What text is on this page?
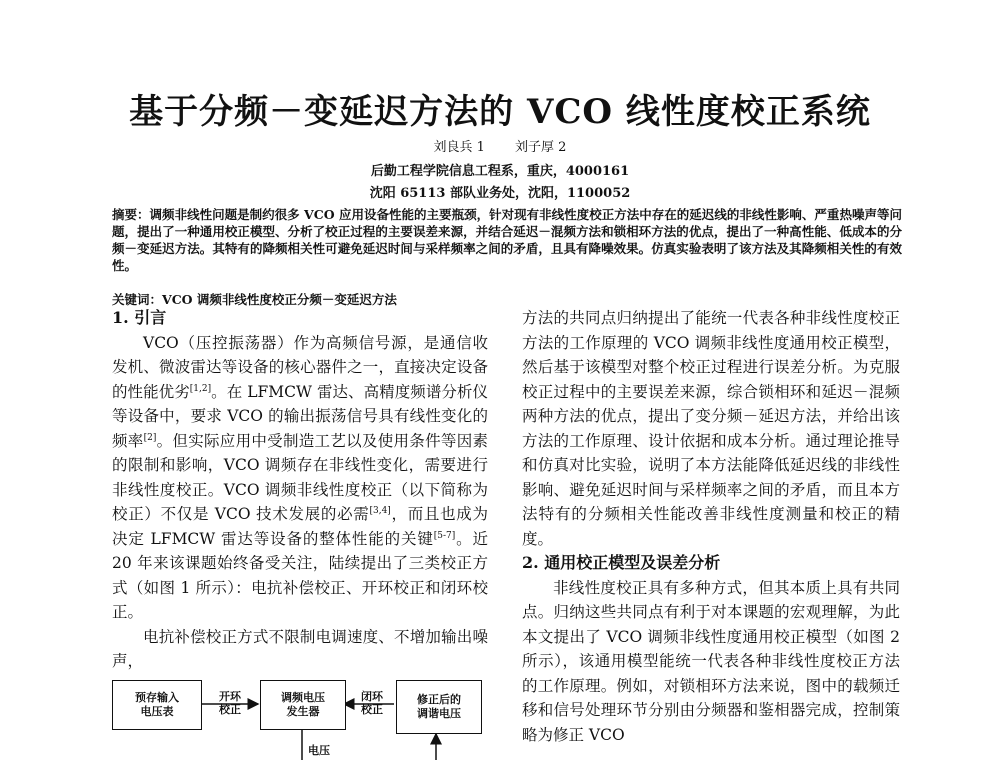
基于分频－变延迟方法的 VCO 线性度校正系统
刘良兵 1　　 刘子厚 2
后勤工程学院信息工程系，重庆，4000161
沈阳 65113 部队业务处，沈阳，1100052
摘要：调频非线性问题是制约很多 VCO 应用设备性能的主要瓶颈，针对现有非线性度校正方法中存在的延迟线的非线性影响、严重热噪声等问题，提出了一种通用校正模型、分析了校正过程的主要误差来源，并结合延迟－混频方法和锁相环方法的优点，提出了一种高性能、低成本的分频－变延迟方法。其特有的降频相关性可避免延迟时间与采样频率之间的矛盾，且具有降噪效果。仿真实验表明了该方法及其降频相关性的有效性。
关键词：VCO 调频非线性度校正分频－变延迟方法
1. 引言

VCO（压控振荡器）作为高频信号源，是通信收发机、微波雷达等设备的核心器件之一，直接决定设备的性能优劣[1,2]。在 LFMCW 雷达、高精度频谱分析仪等设备中，要求 VCO 的输出振荡信号具有线性变化的频率[2]。但实际应用中受制造工艺以及使用条件等因素的限制和影响，VCO 调频存在非线性变化，需要进行非线性度校正。VCO 调频非线性度校正（以下简称为校正）不仅是 VCO 技术发展的必需[3,4]，而且也成为决定 LFMCW 雷达等设备的整体性能的关键[5-7]。近 20 年来该课题始终备受关注，陆续提出了三类校正方式（如图 1 所示）：电抗补偿校正、开环校正和闭环校正。

电抗补偿校正方式不限制电调速度、不增加输出噪声，

方法的共同点归纳提出了能统一代表各种非线性度校正方法的工作原理的 VCO 调频非线性度通用校正模型，然后基于该模型对整个校正过程进行误差分析。为克服校正过程中的主要误差来源，综合锁相环和延迟－混频两种方法的优点，提出了变分频－延迟方法，并给出该方法的工作原理、设计依据和成本分析。通过理论推导和仿真对比实验，说明了本方法能降低延迟线的非线性影响、避免延迟时间与采样频率之间的矛盾，而且本方法特有的分频相关性能改善非线性度测量和校正的精度。

2. 通用校正模型及误差分析

非线性度校正具有多种方式，但其本质上具有共同点。归纳这些共同点有利于对本课题的宏观理解，为此本文提出了 VCO 调频非线性度通用校正模型（如图 2 所示），该通用模型能统一代表各种非线性度校正方法的工作原理。例如，对锁相环方法来说，图中的载频迁移和信号处理环节分别由分频器和鉴相器完成，控制策略为修正 VCO

预存输入
电压表
开环
校正
调频电压
发生器
闭环
校正
修正后的
调谐电压
电压
